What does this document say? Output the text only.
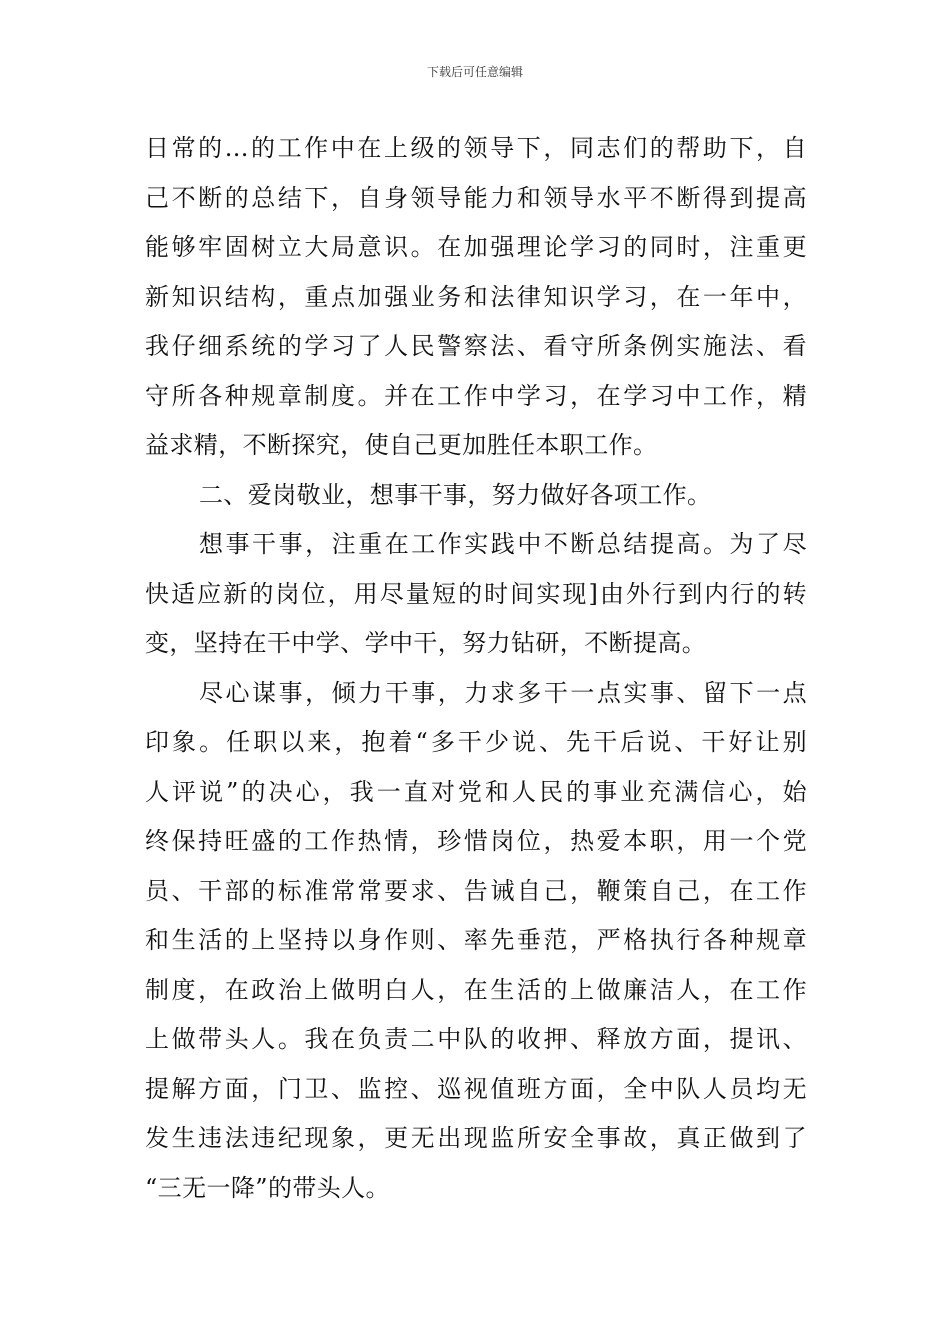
下载后可任意编辑
日常的...的工作中在上级的领导下，同志们的帮助下，自
己不断的总结下，自身领导能力和领导水平不断得到提高
能够牢固树立大局意识。在加强理论学习的同时，注重更
新知识结构，重点加强业务和法律知识学习，在一年中，
我仔细系统的学习了人民警察法、看守所条例实施法、看
守所各种规章制度。并在工作中学习，在学习中工作，精
益求精，不断探究，使自己更加胜任本职工作。
二、爱岗敬业，想事干事，努力做好各项工作。
想事干事，注重在工作实践中不断总结提高。为了尽
快适应新的岗位，用尽量短的时间实现]由外行到内行的转
变，坚持在干中学、学中干，努力钻研，不断提高。
尽心谋事，倾力干事，力求多干一点实事、留下一点
印象。任职以来，抱着“多干少说、先干后说、干好让别
人评说”的决心，我一直对党和人民的事业充满信心，始
终保持旺盛的工作热情，珍惜岗位，热爱本职，用一个党
员、干部的标准常常要求、告诫自己，鞭策自己，在工作
和生活的上坚持以身作则、率先垂范，严格执行各种规章
制度，在政治上做明白人，在生活的上做廉洁人，在工作
上做带头人。我在负责二中队的收押、释放方面，提讯、
提解方面，门卫、监控、巡视值班方面，全中队人员均无
发生违法违纪现象，更无出现监所安全事故，真正做到了
“三无一降”的带头人。
